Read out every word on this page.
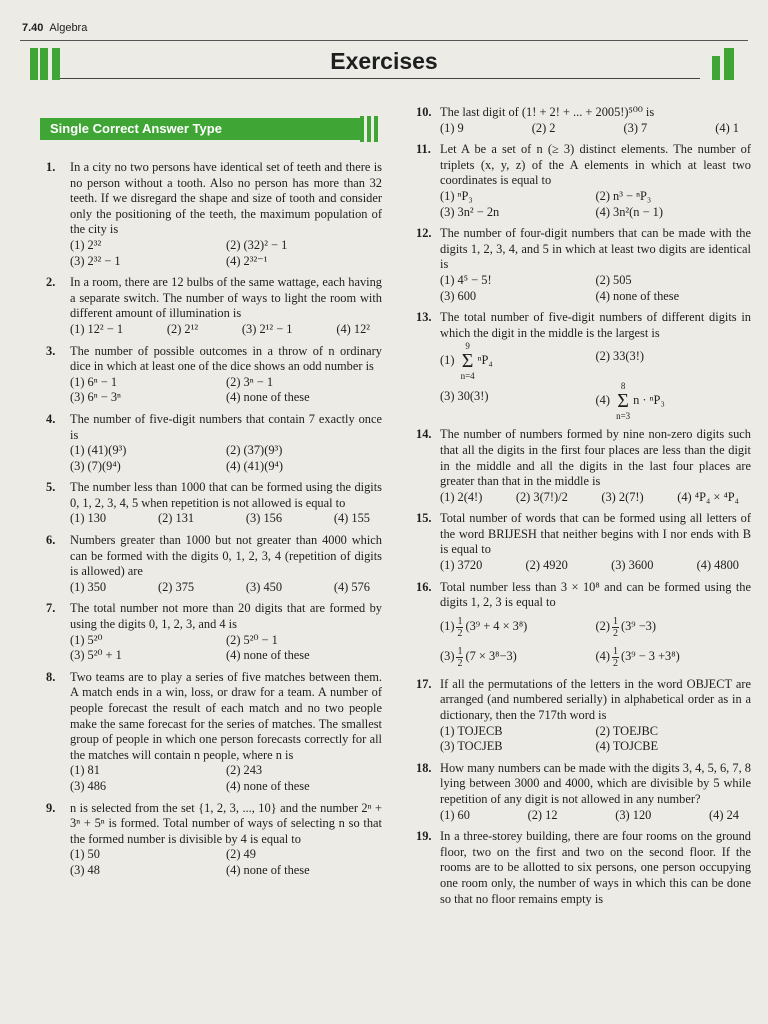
7.40 Algebra
Exercises
Single Correct Answer Type
1. In a city no two persons have identical set of teeth and there is no person without a tooth. Also no person has more than 32 teeth. If we disregard the shape and size of tooth and consider only the positioning of the teeth, the maximum population of the city is
(1) 2³²	(2) (32)² − 1
(3) 2³² − 1	(4) 2³²⁻¹
2. In a room, there are 12 bulbs of the same wattage, each having a separate switch. The number of ways to light the room with different amount of illumination is
(1) 12² − 1	(2) 2¹²	(3) 2¹² − 1	(4) 12²
3. The number of possible outcomes in a throw of n ordinary dice in which at least one of the dice shows an odd number is
(1) 6ⁿ − 1	(2) 3ⁿ − 1
(3) 6ⁿ − 3ⁿ	(4) none of these
4. The number of five-digit numbers that contain 7 exactly once is
(1) (41)(9³)	(2) (37)(9³)
(3) (7)(9⁴)	(4) (41)(9⁴)
5. The number less than 1000 that can be formed using the digits 0, 1, 2, 3, 4, 5 when repetition is not allowed is equal to
(1) 130	(2) 131	(3) 156	(4) 155
6. Numbers greater than 1000 but not greater than 4000 which can be formed with the digits 0, 1, 2, 3, 4 (repetition of digits is allowed) are
(1) 350	(2) 375	(3) 450	(4) 576
7. The total number not more than 20 digits that are formed by using the digits 0, 1, 2, 3, and 4 is
(1) 5²⁰	(2) 5²⁰ − 1
(3) 5²⁰ + 1	(4) none of these
8. Two teams are to play a series of five matches between them. A match ends in a win, loss, or draw for a team. A number of people forecast the result of each match and no two people make the same forecast for the series of matches. The smallest group of people in which one person forecasts correctly for all the matches will contain n people, where n is
(1) 81	(2) 243
(3) 486	(4) none of these
9. n is selected from the set {1, 2, 3, ..., 10} and the number 2ⁿ + 3ⁿ + 5ⁿ is formed. Total number of ways of selecting n so that the formed number is divisible by 4 is equal to
(1) 50	(2) 49
(3) 48	(4) none of these
10. The last digit of (1! + 2! + ... + 2005!)⁵⁰⁰ is
(1) 9	(2) 2	(3) 7	(4) 1
11. Let A be a set of n (≥ 3) distinct elements. The number of triplets (x, y, z) of the A elements in which at least two coordinates is equal to
(1) ⁿP₃	(2) n³ − ⁿP₃
(3) 3n² − 2n	(4) 3n²(n − 1)
12. The number of four-digit numbers that can be made with the digits 1, 2, 3, 4, and 5 in which at least two digits are identical is
(1) 4⁵ − 5!	(2) 505
(3) 600	(4) none of these
13. The total number of five-digit numbers of different digits in which the digit in the middle is the largest is
(1)
9
Σ
n=4
ⁿP₄	(2) 33(3!)
(3) 30(3!)	(4)
8
Σ
n=3
n · ⁿP₃
14. The number of numbers formed by nine non-zero digits such that all the digits in the first four places are less than the digit in the middle and all the digits in the last four places are greater than that in the middle is
(1) 2(4!)	(2) 3(7!)/2	(3) 2(7!)	(4) ⁴P₄ × ⁴P₄
15. Total number of words that can be formed using all letters of the word BRIJESH that neither begins with I nor ends with B is equal to
(1) 3720	(2) 4920	(3) 3600	(4) 4800
16. Total number less than 3 × 10⁸ and can be formed using the digits 1, 2, 3 is equal to
$(1) \frac{1}{2} (3^9 + 4 \times 3^8)$	$(2) \frac{1}{2} (3^9 -3)$
$(3) \frac{1}{2} (7 \times 3^8-3)$	$(4) \frac{1}{2} (3^9 - 3 +3^8)$
17. If all the permutations of the letters in the word OBJECT are arranged (and numbered serially) in alphabetical order as in a dictionary, then the 717th word is
(1) TOJECB	(2) TOEJBC
(3) TOCJEB	(4) TOJCBE
18. How many numbers can be made with the digits 3, 4, 5, 6, 7, 8 lying between 3000 and 4000, which are divisible by 5 while repetition of any digit is not allowed in any number?
(1) 60	(2) 12	(3) 120	(4) 24
19. In a three-storey building, there are four rooms on the ground floor, two on the first and two on the second floor. If the rooms are to be allotted to six persons, one person occupying one room only, the number of ways in which this can be done so that no floor remains empty is
